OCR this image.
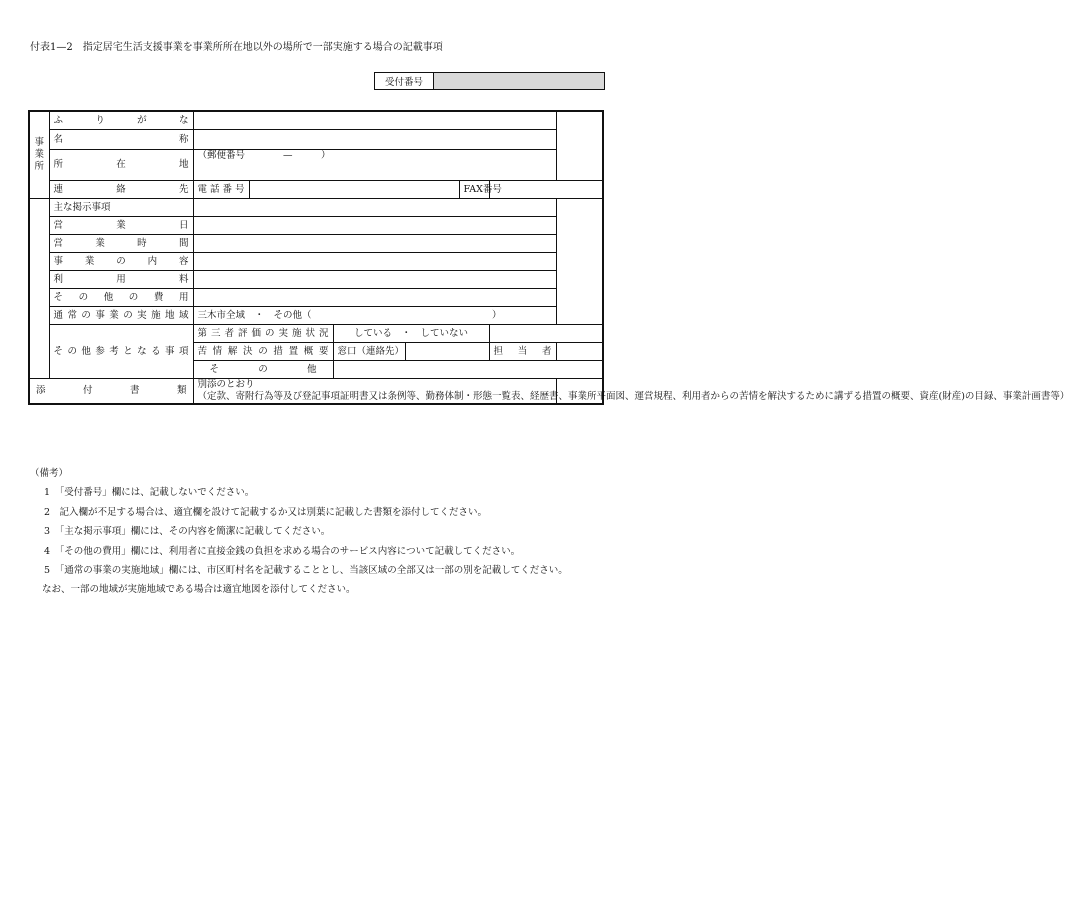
付表1—2　指定居宅生活支援事業を事業所所在地以外の場所で一部実施する場合の記載事項
受付番号
事
業
所	ふりがな							
	名称							
	所在地	（郵便番号　　　　—　　　）						

	連絡先	電話番号				FAX番号		
	主な掲示事項							
	営業日							
	営業時間							
	事業の内容							
	利用料							
	その他の費用							
	通常の事業の実施地域	三木市全域　・　その他（　　　　　　　　　　　　　　　　　　　）						
	その他参考となる事項	第三者評価の実施状況		している　・　していない				
		苦情解決の措置概要		窓口（連絡先）			担当者	
		その他						
添付書類		別添のとおり
（定款、寄附行為等及び登記事項証明書又は条例等、勤務体制・形態一覧表、経歴書、事業所平面図、運営規程、利用者からの苦情を解決するために講ずる措置の概要、資産(財産)の目録、事業計画書等）						
（備考）
1　「受付番号」欄には、記載しないでください。
2　記入欄が不足する場合は、適宜欄を設けて記載するか又は別葉に記載した書類を添付してください。
3　「主な掲示事項」欄には、その内容を簡潔に記載してください。
4　「その他の費用」欄には、利用者に直接金銭の負担を求める場合のサービス内容について記載してください。
5　「通常の事業の実施地域」欄には、市区町村名を記載することとし、当該区域の全部又は一部の別を記載してください。
なお、一部の地域が実施地域である場合は適宜地図を添付してください。
